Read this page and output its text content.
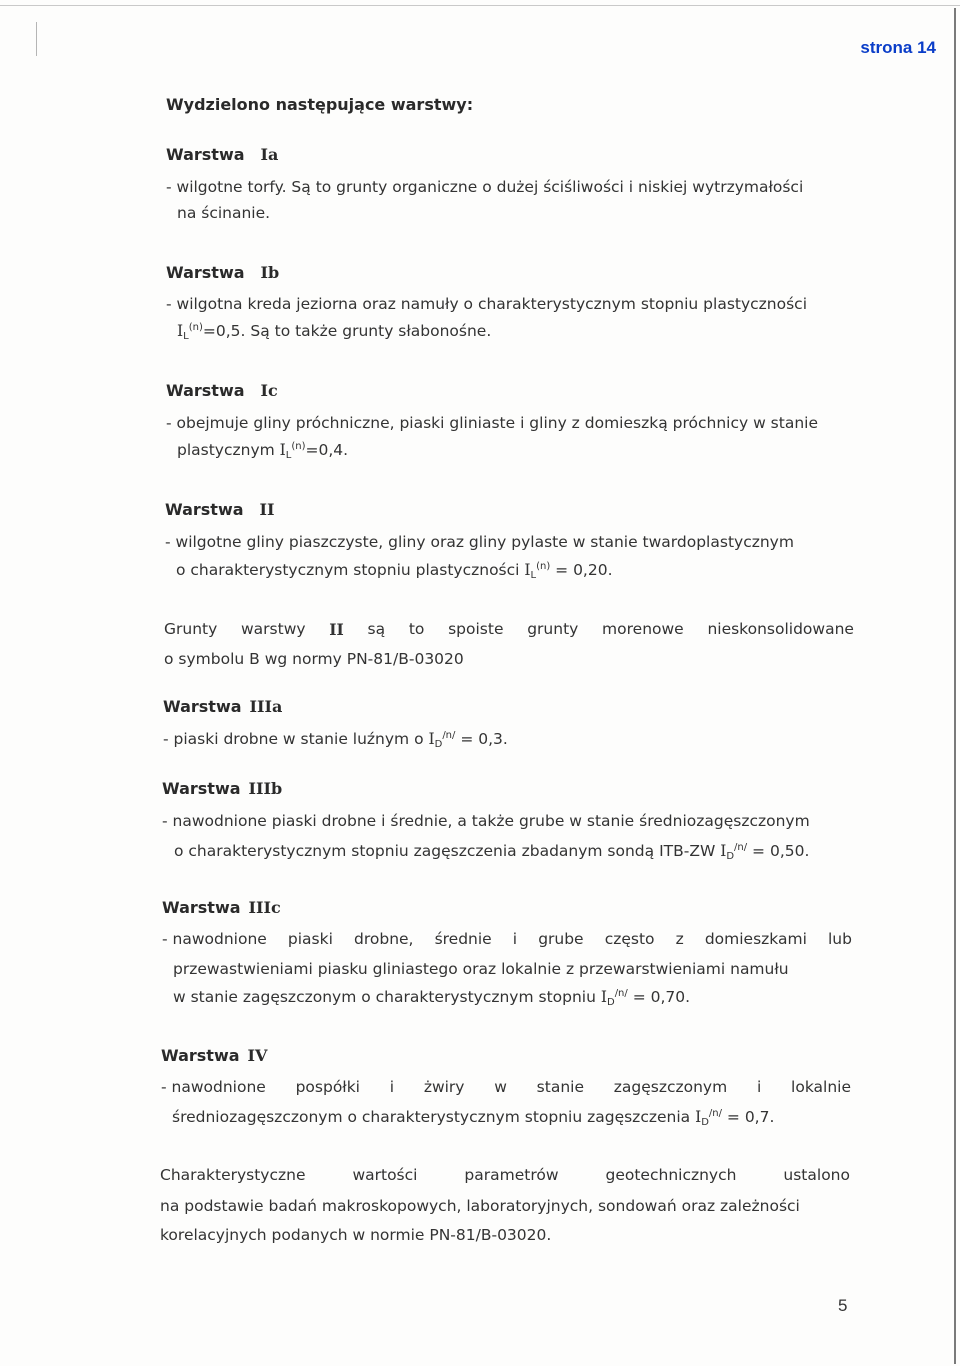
strona 14
Wydzielono następujące warstwy:
Warstwa Ia
- wilgotne torfy. Są to grunty organiczne o dużej ściśliwości i niskiej wytrzymałości
na ścinanie.
Warstwa Ib
- wilgotna kreda jeziorna oraz namuły o charakterystycznym stopniu plastyczności
$I_L^{(n)}=0,5$. Są to także grunty słabonośne.
Warstwa Ic
- obejmuje gliny próchniczne, piaski gliniaste i gliny z domieszką próchnicy w stanie
plastycznym $I_L^{(n)}=0,4$.
Warstwa II
- wilgotne gliny piaszczyste, gliny oraz gliny pylaste w stanie twardoplastycznym
o charakterystycznym stopniu plastyczności $I_L^{(n)} = 0,20$.
Grunty warstwy II są to spoiste grunty morenowe nieskonsolidowane
o symbolu B wg normy PN-81/B-03020
Warstwa IIIa
- piaski drobne w stanie luźnym o $I_D^{/n/} = 0,3$.
Warstwa IIIb
- nawodnione piaski drobne i średnie, a także grube w stanie średniozagęszczonym
o charakterystycznym stopniu zagęszczenia zbadanym sondą ITB-ZW $I_D^{/n/} = 0,50$.
Warstwa IIIc
- nawodnione piaski drobne, średnie i grube często z domieszkami lub
przewastwieniami piasku gliniastego oraz lokalnie z przewarstwieniami namułu
w stanie zagęszczonym o charakterystycznym stopniu $I_D^{/n/} = 0,70$.
Warstwa IV
- nawodnione pospółki i żwiry w stanie zagęszczonym i lokalnie
średniozagęszczonym o charakterystycznym stopniu zagęszczenia $I_D^{/n/} = 0,7$.
Charakterystyczne	wartości	parametrów	geotechnicznych	ustalono
na podstawie badań makroskopowych, laboratoryjnych, sondowań oraz zależności
korelacyjnych podanych w normie PN-81/B-03020.
5
